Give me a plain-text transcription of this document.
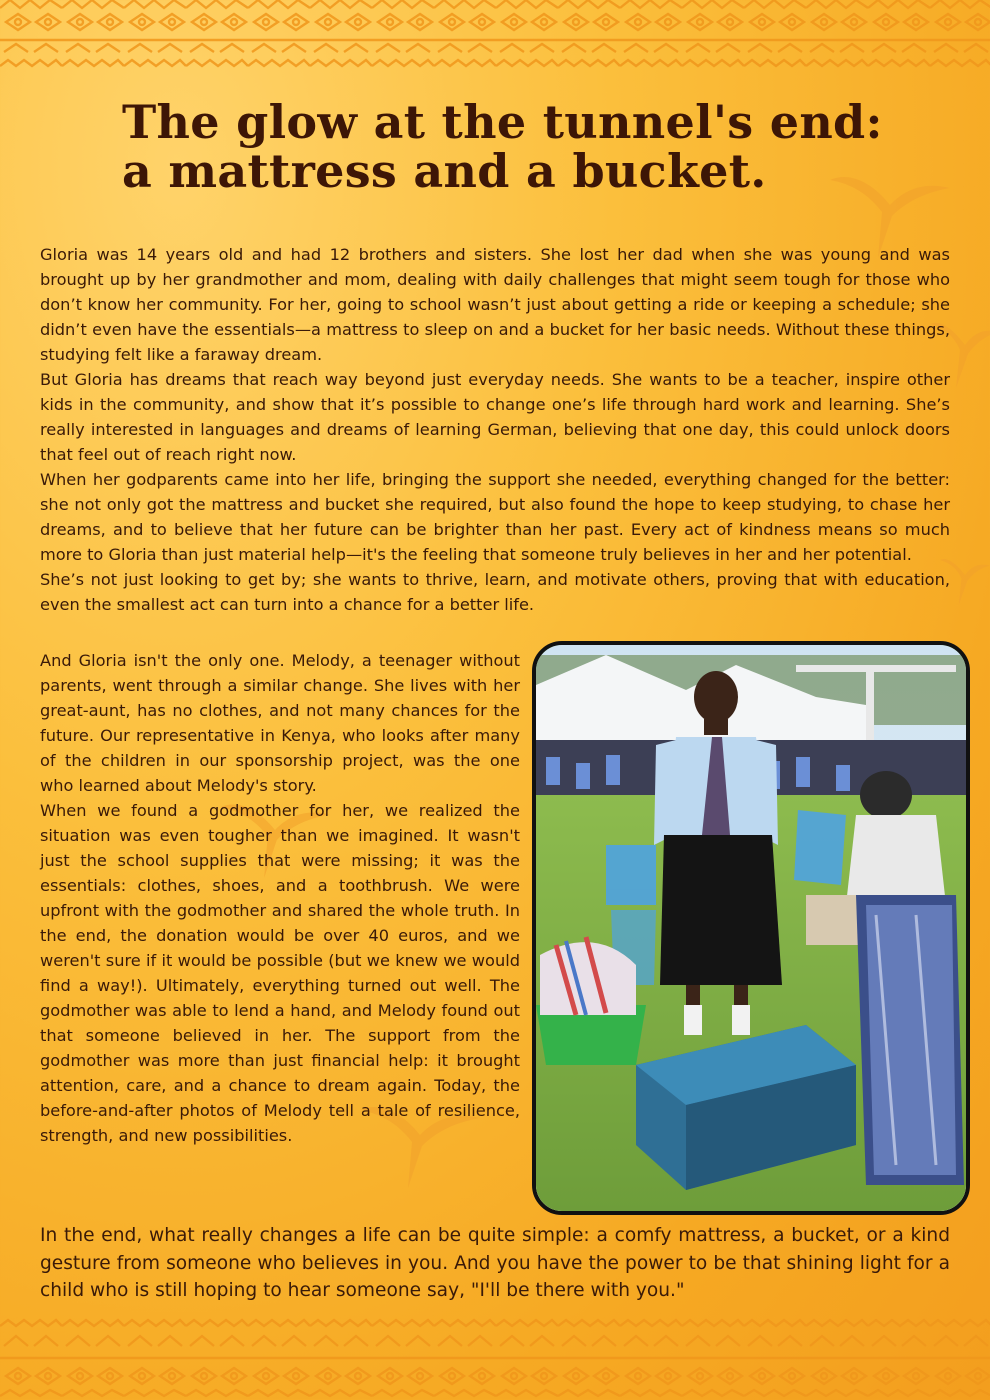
The glow at the tunnel's end:
a mattress and a bucket.

Gloria was 14 years old and had 12 brothers and sisters. She lost her dad when she was young and was brought up by her grandmother and mom, dealing with daily challenges that might seem tough for those who don’t know her community. For her, going to school wasn’t just about getting a ride or keeping a schedule; she didn’t even have the essentials—a mattress to sleep on and a bucket for her basic needs. Without these things, studying felt like a faraway dream.

But Gloria has dreams that reach way beyond just everyday needs. She wants to be a teacher, inspire other kids in the community, and show that it’s possible to change one’s life through hard work and learning. She’s really interested in languages and dreams of learning German, believing that one day, this could unlock doors that feel out of reach right now.

When her godparents came into her life, bringing the support she needed, everything changed for the better: she not only got the mattress and bucket she required, but also found the hope to keep studying, to chase her dreams, and to believe that her future can be brighter than her past. Every act of kindness means so much more to Gloria than just material help—it's the feeling that someone truly believes in her and her potential.

She’s not just looking to get by; she wants to thrive, learn, and motivate others, proving that with education, even the smallest act can turn into a chance for a better life.

And Gloria isn't the only one. Melody, a teenager without parents, went through a similar change. She lives with her great-aunt, has no clothes, and not many chances for the future. Our representative in Kenya, who looks after many of the children in our sponsorship project, was the one who learned about Melody's story.

When we found a godmother for her, we realized the situation was even tougher than we imagined. It wasn't just the school supplies that were missing; it was the essentials: clothes, shoes, and a toothbrush. We were upfront with the godmother and shared the whole truth. In the end, the donation would be over 40 euros, and we weren't sure if it would be possible (but we knew we would find a way!). Ultimately, everything turned out well. The godmother was able to lend a hand, and Melody found out that someone believed in her. The support from the godmother was more than just financial help: it brought attention, care, and a chance to dream again. Today, the before-and-after photos of Melody tell a tale of resilience, strength, and new possibilities.

In the end, what really changes a life can be quite simple: a comfy mattress, a bucket, or a kind gesture from someone who believes in you. And you have the power to be that shining light for a child who is still hoping to hear someone say, "I'll be there with you."
